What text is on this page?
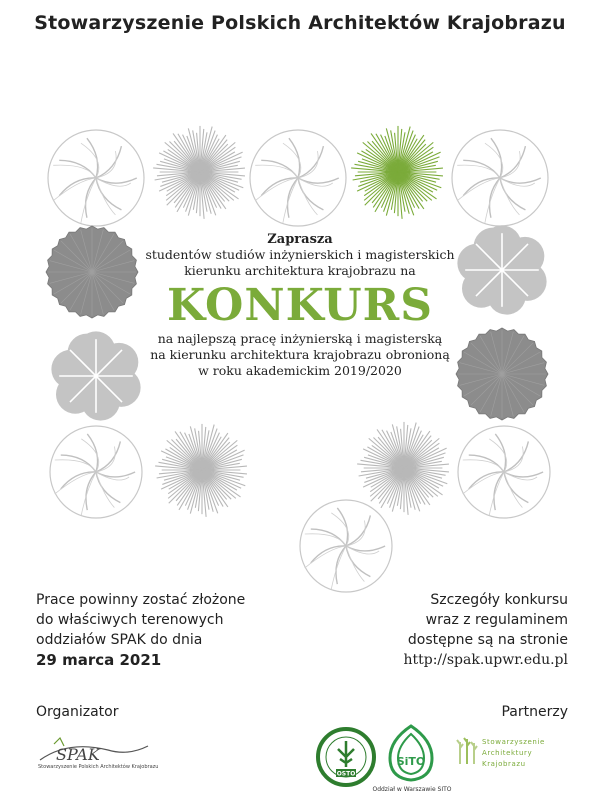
Stowarzyszenie Polskich Architektów Krajobrazu
Zaprasza
studentów studiów inżynierskich i magisterskich
kierunku architektura krajobrazu na
KONKURS
na najlepszą pracę inżynierską i magisterską
na kierunku architektura krajobrazu obronioną
w roku akademickim 2019/2020
Prace powinny zostać złożone
do właściwych terenowych
oddziałów SPAK do dnia
29 marca 2021
Szczegóły konkursu
wraz z regulaminem
dostępne są na stronie
http://spak.upwr.edu.pl
Organizator	Partnerzy
SPAK
Stowarzyszenie Polskich Architektów Krajobrazu
OSTO
SiTO
Oddział w Warszawie SITO
Stowarzyszenie
Architektury
Krajobrazu
